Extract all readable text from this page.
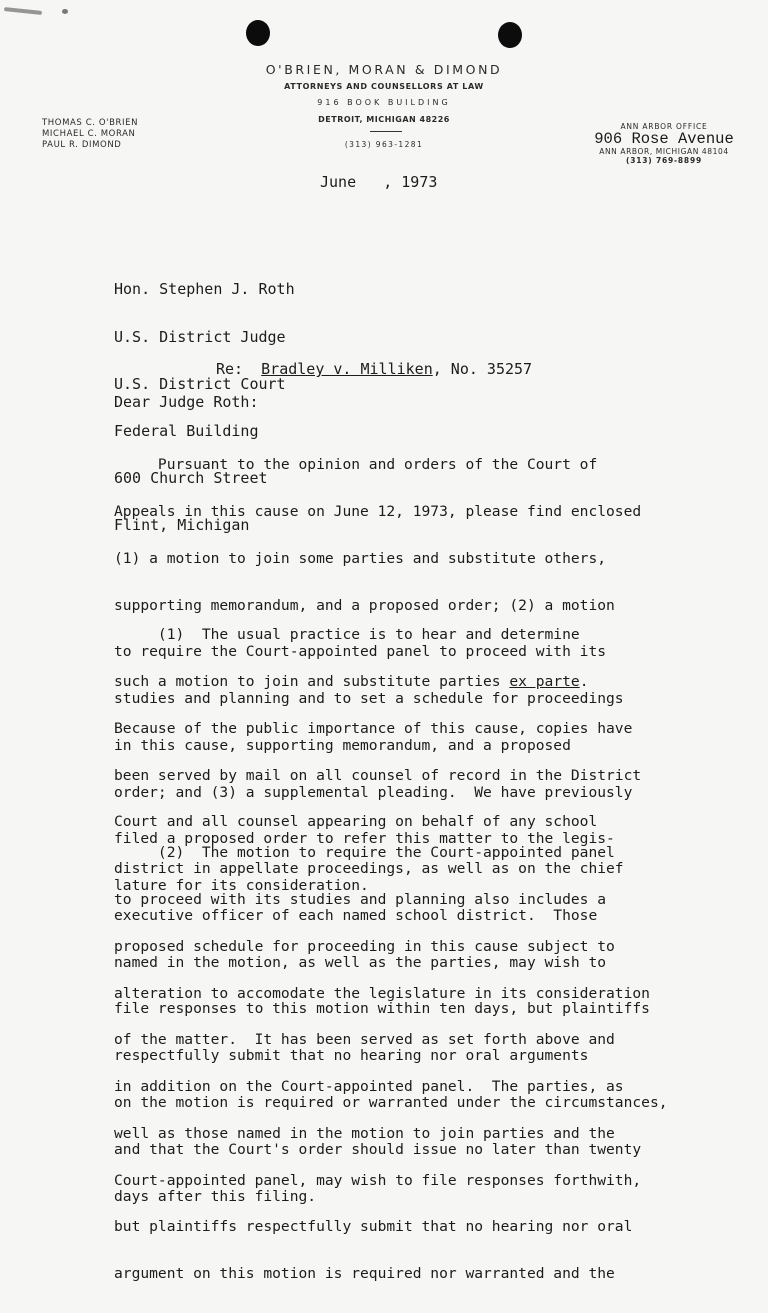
O'BRIEN, MORAN & DIMOND
ATTORNEYS AND COUNSELLORS AT LAW
916 BOOK BUILDING
DETROIT, MICHIGAN 48226
(313) 963-1281
THOMAS C. O'BRIEN
MICHAEL C. MORAN
PAUL R. DIMOND
ANN ARBOR OFFICE
906 Rose Avenue
ANN ARBOR, MICHIGAN 48104
(313) 769-8899
June   , 1973

Hon. Stephen J. Roth

U.S. District Judge

U.S. District Court

Federal Building

600 Church Street

Flint, Michigan

Re: Bradley v. Milliken, No. 35257
Dear Judge Roth:

Pursuant to the opinion and orders of the Court of

Appeals in this cause on June 12, 1973, please find enclosed

(1) a motion to join some parties and substitute others,

supporting memorandum, and a proposed order; (2) a motion

to require the Court-appointed panel to proceed with its

studies and planning and to set a schedule for proceedings

in this cause, supporting memorandum, and a proposed

order; and (3) a supplemental pleading.  We have previously

filed a proposed order to refer this matter to the legis-

lature for its consideration.

(1)  The usual practice is to hear and determine

such a motion to join and substitute parties ex parte.

Because of the public importance of this cause, copies have

been served by mail on all counsel of record in the District

Court and all counsel appearing on behalf of any school

district in appellate proceedings, as well as on the chief

executive officer of each named school district.  Those

named in the motion, as well as the parties, may wish to

file responses to this motion within ten days, but plaintiffs

respectfully submit that no hearing nor oral arguments

on the motion is required or warranted under the circumstances,

and that the Court's order should issue no later than twenty

days after this filing.

(2)  The motion to require the Court-appointed panel

to proceed with its studies and planning also includes a

proposed schedule for proceeding in this cause subject to

alteration to accomodate the legislature in its consideration

of the matter.  It has been served as set forth above and

in addition on the Court-appointed panel.  The parties, as

well as those named in the motion to join parties and the

Court-appointed panel, may wish to file responses forthwith,

but plaintiffs respectfully submit that no hearing nor oral

argument on this motion is required nor warranted and the
